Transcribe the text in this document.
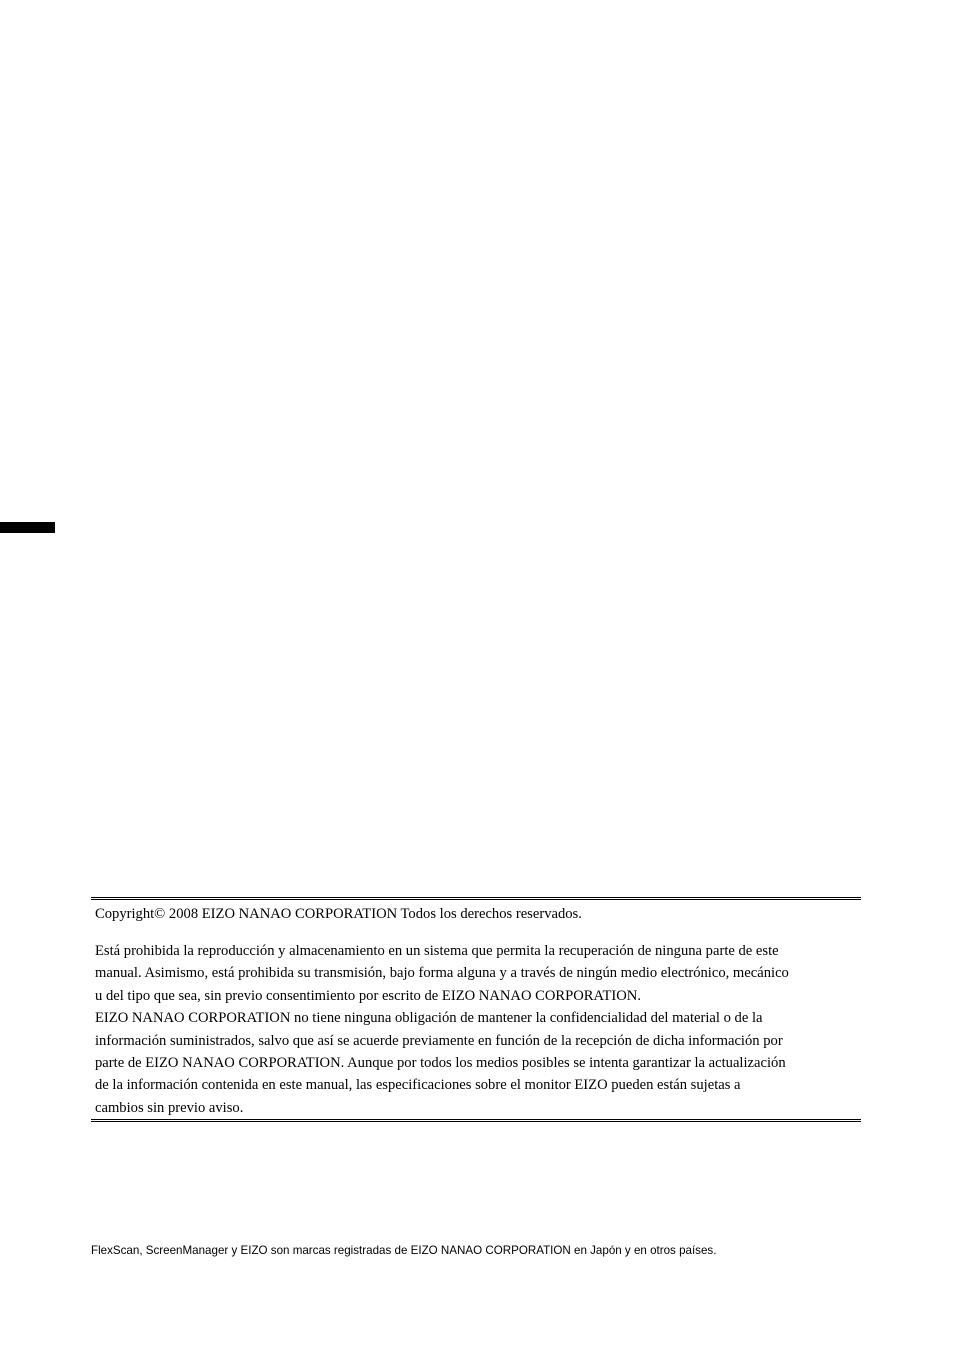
Copyright© 2008 EIZO NANAO CORPORATION Todos los derechos reservados.
Está prohibida la reproducción y almacenamiento en un sistema que permita la recuperación de ninguna parte de este
manual. Asimismo, está prohibida su transmisión, bajo forma alguna y a través de ningún medio electrónico, mecánico
u del tipo que sea, sin previo consentimiento por escrito de EIZO NANAO CORPORATION.
EIZO NANAO CORPORATION no tiene ninguna obligación de mantener la confidencialidad del material o de la
información suministrados, salvo que así se acuerde previamente en función de la recepción de dicha información por
parte de EIZO NANAO CORPORATION. Aunque por todos los medios posibles se intenta garantizar la actualización
de la información contenida en este manual, las especificaciones sobre el monitor EIZO pueden están sujetas a
cambios sin previo aviso.
FlexScan, ScreenManager y EIZO son marcas registradas de EIZO NANAO CORPORATION en Japón y en otros países.
